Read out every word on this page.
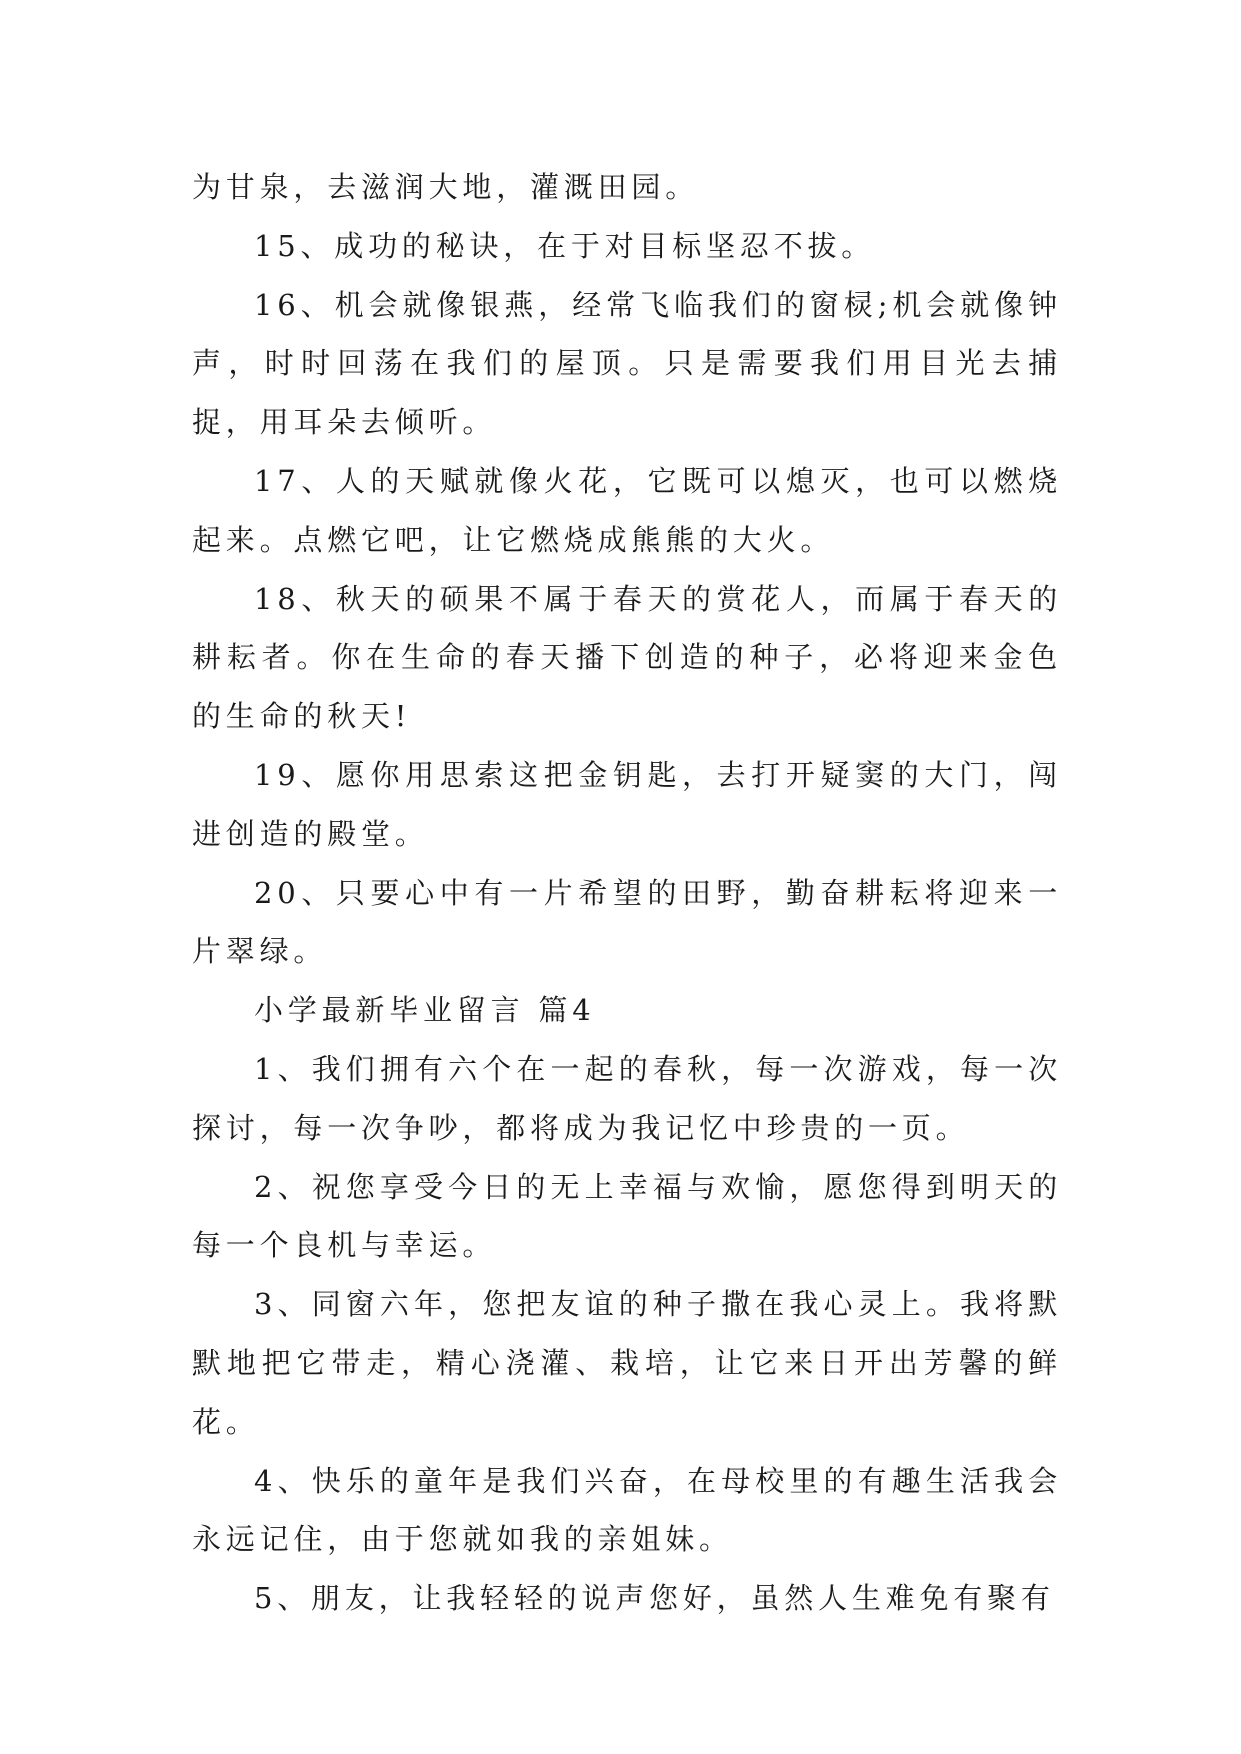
为甘泉，去滋润大地，灌溉田园。

15、成功的秘诀，在于对目标坚忍不拔。

16、机会就像银燕，经常飞临我们的窗棂;机会就像钟声，时时回荡在我们的屋顶。只是需要我们用目光去捕捉，用耳朵去倾听。

17、人的天赋就像火花，它既可以熄灭，也可以燃烧起来。点燃它吧，让它燃烧成熊熊的大火。

18、秋天的硕果不属于春天的赏花人，而属于春天的耕耘者。你在生命的春天播下创造的种子，必将迎来金色的生命的秋天!

19、愿你用思索这把金钥匙，去打开疑窦的大门，闯进创造的殿堂。

20、只要心中有一片希望的田野，勤奋耕耘将迎来一片翠绿。

小学最新毕业留言 篇4

1、我们拥有六个在一起的春秋，每一次游戏，每一次探讨，每一次争吵，都将成为我记忆中珍贵的一页。

2、祝您享受今日的无上幸福与欢愉，愿您得到明天的每一个良机与幸运。

3、同窗六年，您把友谊的种子撒在我心灵上。我将默默地把它带走，精心浇灌、栽培，让它来日开出芳馨的鲜花。

4、快乐的童年是我们兴奋，在母校里的有趣生活我会永远记住，由于您就如我的亲姐妹。

5、朋友，让我轻轻的说声您好，虽然人生难免有聚有
